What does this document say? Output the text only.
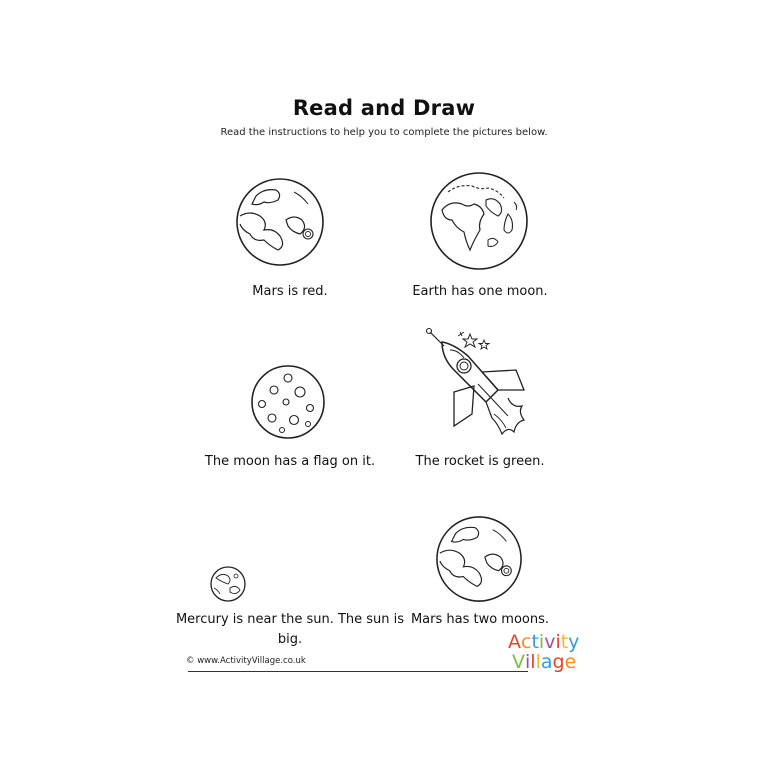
Read and Draw
Read the instructions to help you to complete the pictures below.
Mars is red.	Earth has one moon.
The moon has a flag on it.	The rocket is green.
Mercury is near the sun. The sun is big.
Mars has two moons.
© www.ActivityVillage.co.uk
Activity
Village
